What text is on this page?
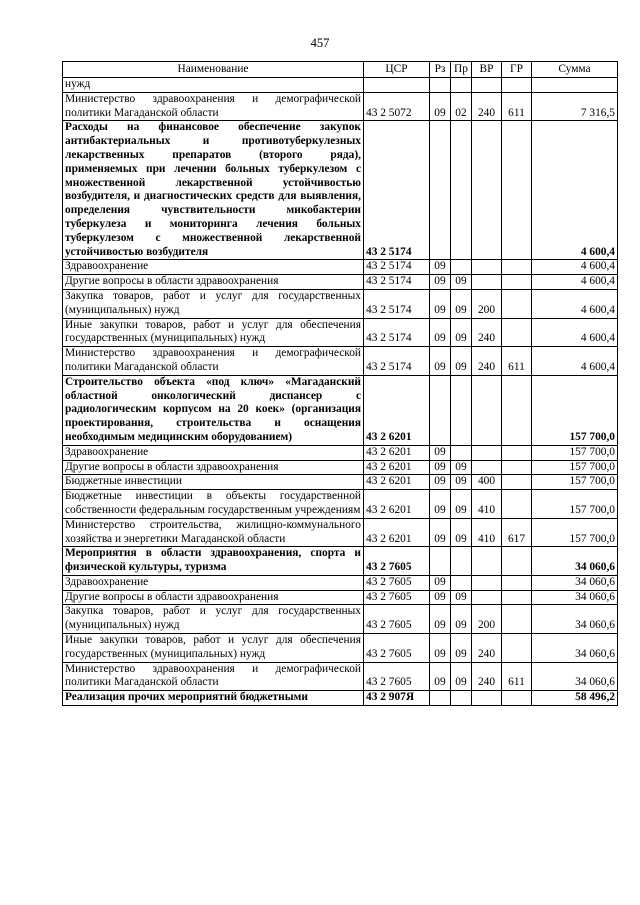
457
Наименование	ЦСР	Рз	Пр	ВР	ГР	Сумма
нужд						
Министерство здравоохранения и демографической политики Магаданской области	43 2 5072	09	02	240	611	7 316,5
Расходы на финансовое обеспечение закупок антибактериальных и противотуберкулезных лекарственных препаратов (второго ряда), применяемых при лечении больных туберкулезом с множественной лекарственной устойчивостью возбудителя, и диагностических средств для выявления, определения чувствительности микобактерии туберкулеза и мониторинга лечения больных туберкулезом с множественной лекарственной устойчивостью возбудителя	43 2 5174					4 600,4
Здравоохранение	43 2 5174	09				4 600,4
Другие вопросы в области здравоохранения	43 2 5174	09	09			4 600,4
Закупка товаров, работ и услуг для государственных (муниципальных) нужд	43 2 5174	09	09	200		4 600,4
Иные закупки товаров, работ и услуг для обеспечения государственных (муниципальных) нужд	43 2 5174	09	09	240		4 600,4
Министерство здравоохранения и демографической политики Магаданской области	43 2 5174	09	09	240	611	4 600,4
Строительство объекта «под ключ» «Магаданский областной онкологический диспансер с радиологическим корпусом на 20 коек» (организация проектирования, строительства и оснащения необходимым медицинским оборудованием)	43 2 6201					157 700,0
Здравоохранение	43 2 6201	09				157 700,0
Другие вопросы в области здравоохранения	43 2 6201	09	09			157 700,0
Бюджетные инвестиции	43 2 6201	09	09	400		157 700,0
Бюджетные инвестиции в объекты государственной собственности федеральным государственным учреждениям	43 2 6201	09	09	410		157 700,0
Министерство строительства, жилищно-коммунального хозяйства и энергетики Магаданской области	43 2 6201	09	09	410	617	157 700,0
Мероприятия в области здравоохранения, спорта и физической культуры, туризма	43 2 7605					34 060,6
Здравоохранение	43 2 7605	09				34 060,6
Другие вопросы в области здравоохранения	43 2 7605	09	09			34 060,6
Закупка товаров, работ и услуг для государственных (муниципальных) нужд	43 2 7605	09	09	200		34 060,6
Иные закупки товаров, работ и услуг для обеспечения государственных (муниципальных) нужд	43 2 7605	09	09	240		34 060,6
Министерство здравоохранения и демографической политики Магаданской области	43 2 7605	09	09	240	611	34 060,6
Реализация прочих мероприятий бюджетными	43 2 907Я					58 496,2
